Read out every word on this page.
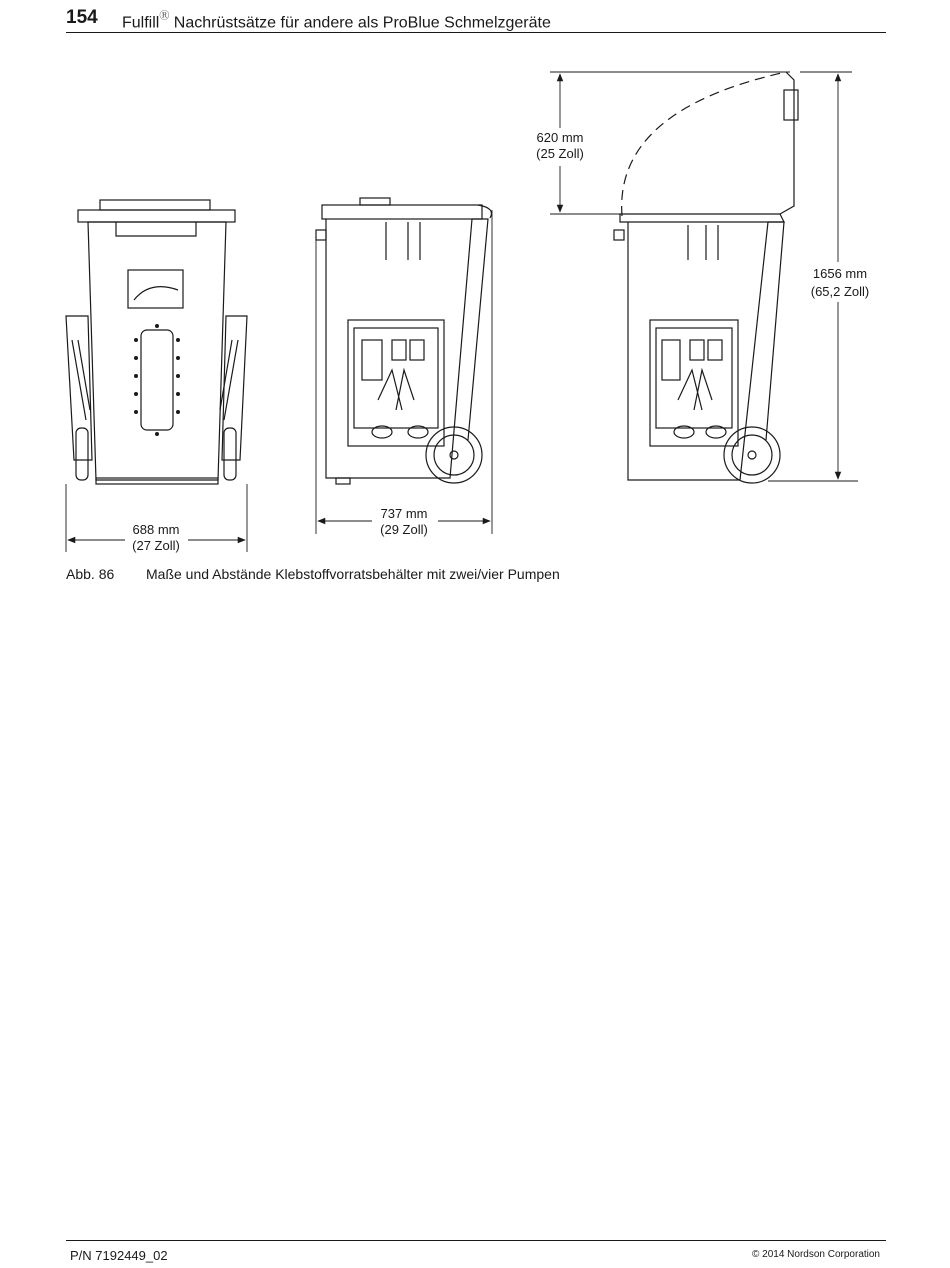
154 FulfillⓇ Nachrüstsätze für andere als ProBlue Schmelzgeräte
688 mm
(27 Zoll)
737 mm
(29 Zoll)
620 mm
(25 Zoll)
1656 mm
(65,2 Zoll)
Abb. 86 Maße und Abstände Klebstoffvorratsbehälter mit zwei/vier Pumpen
P/N 7192449_02	© 2014 Nordson Corporation
